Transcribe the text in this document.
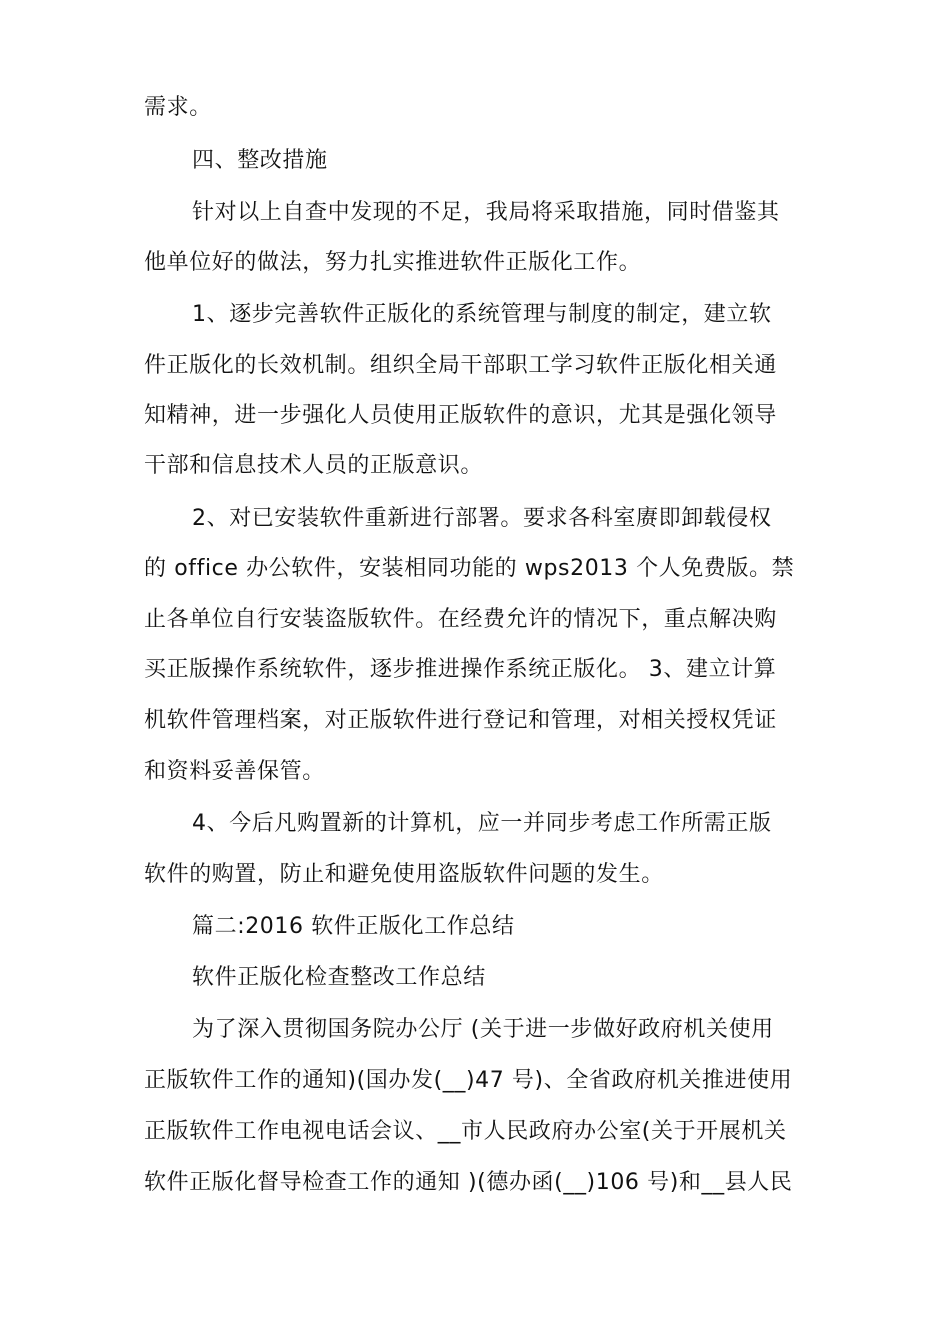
需求。
四、整改措施
针对以上自查中发现的不足，我局将采取措施，同时借鉴其
他单位好的做法，努力扎实推进软件正版化工作。
1、逐步完善软件正版化的系统管理与制度的制定，建立软
件正版化的长效机制。组织全局干部职工学习软件正版化相关通
知精神，进一步强化人员使用正版软件的意识，尤其是强化领导
干部和信息技术人员的正版意识。
2、对已安装软件重新进行部署。要求各科室赓即卸载侵权
的 office 办公软件，安装相同功能的 wps2013 个人免费版。禁
止各单位自行安装盗版软件。在经费允许的情况下，重点解决购
买正版操作系统软件，逐步推进操作系统正版化。 3、建立计算
机软件管理档案，对正版软件进行登记和管理，对相关授权凭证
和资料妥善保管。
4、今后凡购置新的计算机，应一并同步考虑工作所需正版
软件的购置，防止和避免使用盗版软件问题的发生。
篇二:2016 软件正版化工作总结
软件正版化检查整改工作总结
为了深入贯彻国务院办公厅 (关于进一步做好政府机关使用
正版软件工作的通知)(国办发(__)47 号)、全省政府机关推进使用
正版软件工作电视电话会议、__市人民政府办公室(关于开展机关
软件正版化督导检查工作的通知 )(德办函(__)106 号)和__县人民
